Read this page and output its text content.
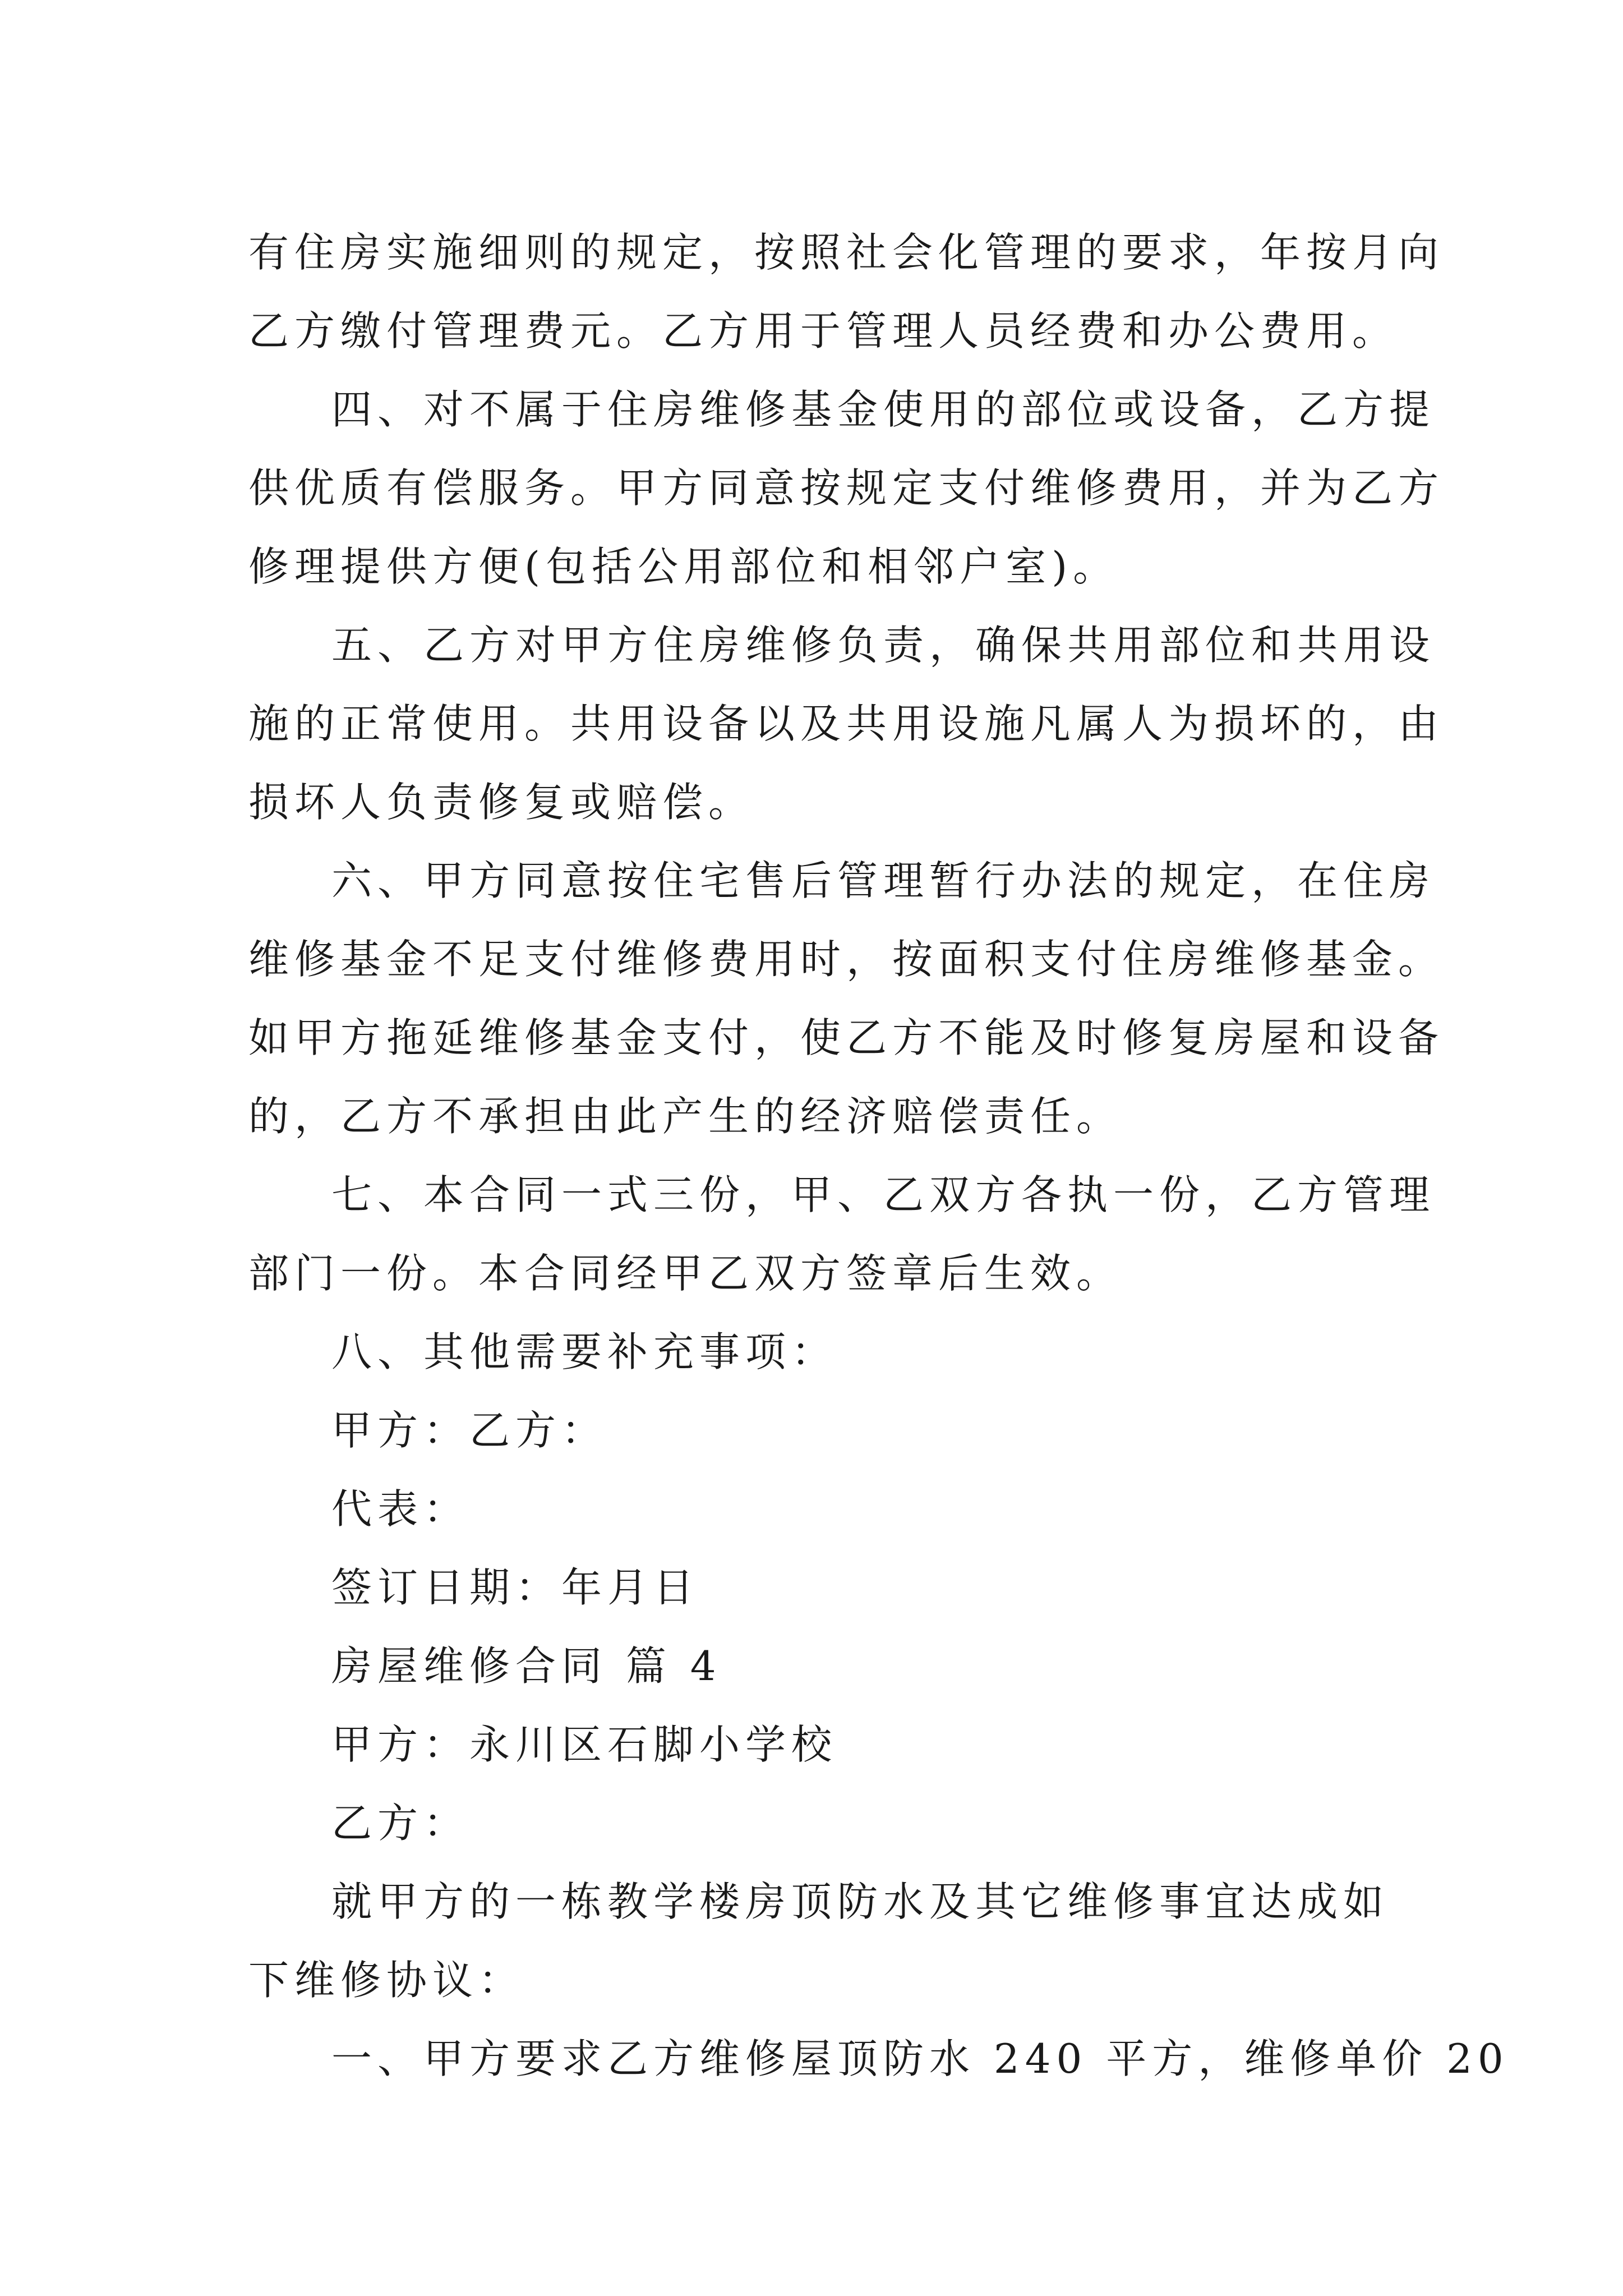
有住房实施细则的规定，按照社会化管理的要求，年按月向
乙方缴付管理费元。乙方用于管理人员经费和办公费用。
四、对不属于住房维修基金使用的部位或设备，乙方提
供优质有偿服务。甲方同意按规定支付维修费用，并为乙方
修理提供方便(包括公用部位和相邻户室)。
五、乙方对甲方住房维修负责，确保共用部位和共用设
施的正常使用。共用设备以及共用设施凡属人为损坏的，由
损坏人负责修复或赔偿。
六、甲方同意按住宅售后管理暂行办法的规定，在住房
维修基金不足支付维修费用时，按面积支付住房维修基金。
如甲方拖延维修基金支付，使乙方不能及时修复房屋和设备
的，乙方不承担由此产生的经济赔偿责任。
七、本合同一式三份，甲、乙双方各执一份，乙方管理
部门一份。本合同经甲乙双方签章后生效。
八、其他需要补充事项：
甲方：乙方：
代表：
签订日期：年月日
房屋维修合同 篇 4
甲方：永川区石脚小学校
乙方：
就甲方的一栋教学楼房顶防水及其它维修事宜达成如
下维修协议：
一、甲方要求乙方维修屋顶防水 240 平方，维修单价 20
